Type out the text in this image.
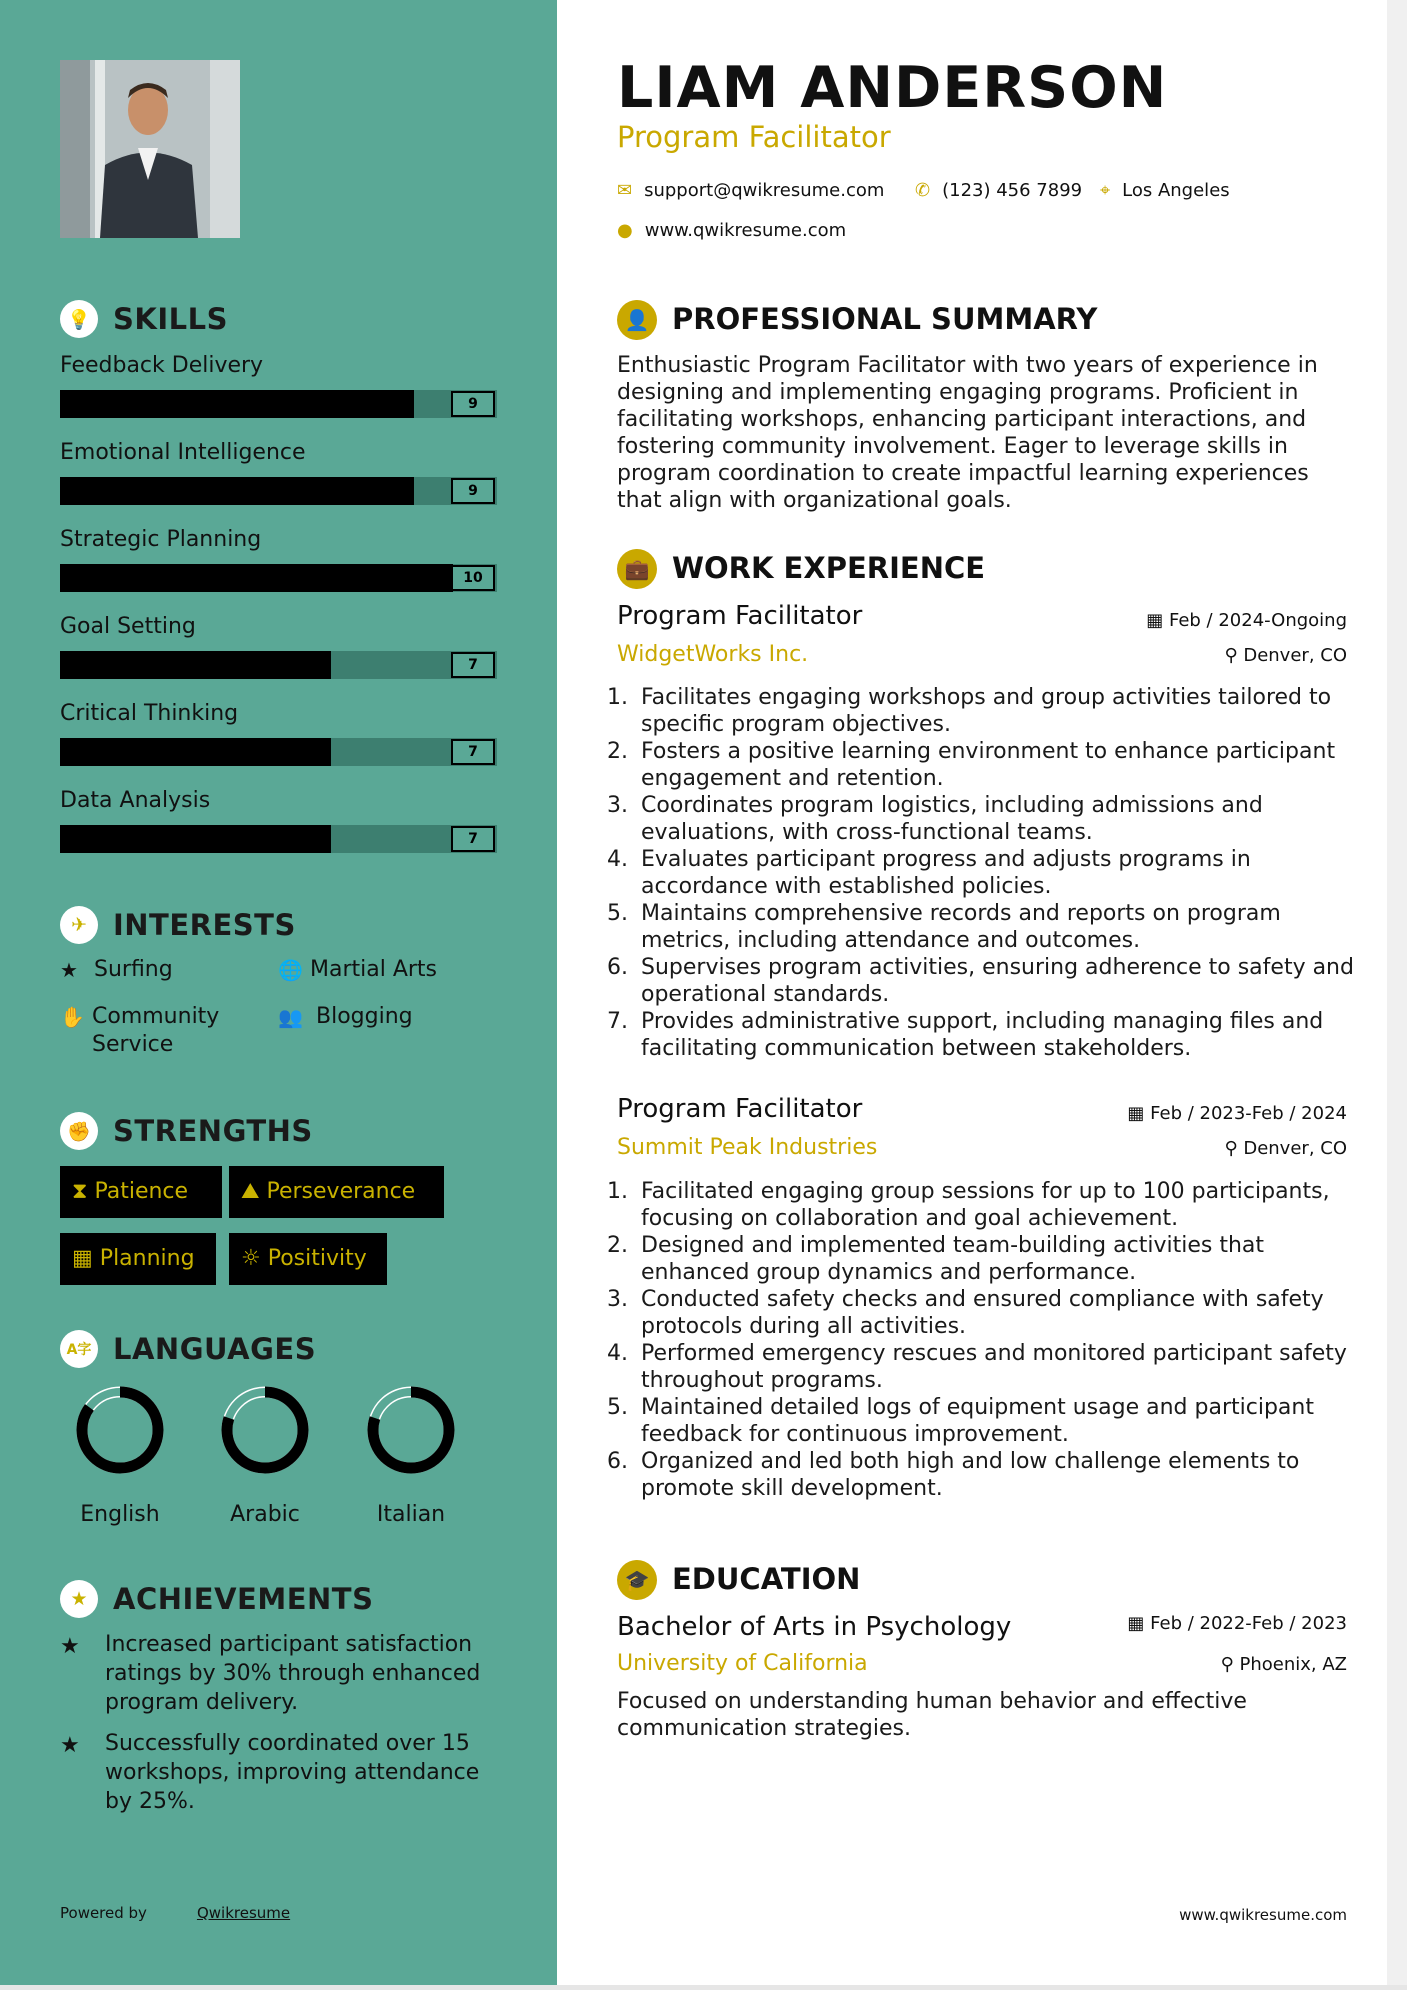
💡 SKILLS
Feedback Delivery
9
Emotional Intelligence
9
Strategic Planning
10
Goal Setting
7
Critical Thinking
7
Data Analysis
7
✈ INTERESTS
★ Surfing	🌐 Martial Arts
✋ Community Service
👥 Blogging
✊ STRENGTHS
⧗ Patience	⛰ Perseverance
▦ Planning	☼ Positivity
A字 LANGUAGES
English	Arabic	Italian
★ ACHIEVEMENTS
★ Increased participant satisfaction ratings by 30% through enhanced program delivery.
★ Successfully coordinated over 15 workshops, improving attendance by 25%.
LIAM ANDERSON
Program Facilitator
✉ support@qwikresume.com ✆ (123) 456 7899 ⌖ Los Angeles
● www.qwikresume.com
👤 PROFESSIONAL SUMMARY
Enthusiastic Program Facilitator with two years of experience in designing and implementing engaging programs. Proficient in facilitating workshops, enhancing participant interactions, and fostering community involvement. Eager to leverage skills in program coordination to create impactful learning experiences that align with organizational goals.
💼 WORK EXPERIENCE
Program Facilitator	▦ Feb / 2024-Ongoing
WidgetWorks Inc.	⚲ Denver, CO
1. Facilitates engaging workshops and group activities tailored to specific program objectives.
2. Fosters a positive learning environment to enhance participant engagement and retention.
3. Coordinates program logistics, including admissions and evaluations, with cross-functional teams.
4. Evaluates participant progress and adjusts programs in accordance with established policies.
5. Maintains comprehensive records and reports on program metrics, including attendance and outcomes.
6. Supervises program activities, ensuring adherence to safety and operational standards.
7. Provides administrative support, including managing files and facilitating communication between stakeholders.
Program Facilitator	▦ Feb / 2023-Feb / 2024
Summit Peak Industries	⚲ Denver, CO
1. Facilitated engaging group sessions for up to 100 participants, focusing on collaboration and goal achievement.
2. Designed and implemented team-building activities that enhanced group dynamics and performance.
3. Conducted safety checks and ensured compliance with safety protocols during all activities.
4. Performed emergency rescues and monitored participant safety throughout programs.
5. Maintained detailed logs of equipment usage and participant feedback for continuous improvement.
6. Organized and led both high and low challenge elements to promote skill development.
🎓 EDUCATION
Bachelor of Arts in Psychology	▦ Feb / 2022-Feb / 2023
University of California	⚲ Phoenix, AZ
Focused on understanding human behavior and effective communication strategies.
Powered by	Qwikresume	www.qwikresume.com
